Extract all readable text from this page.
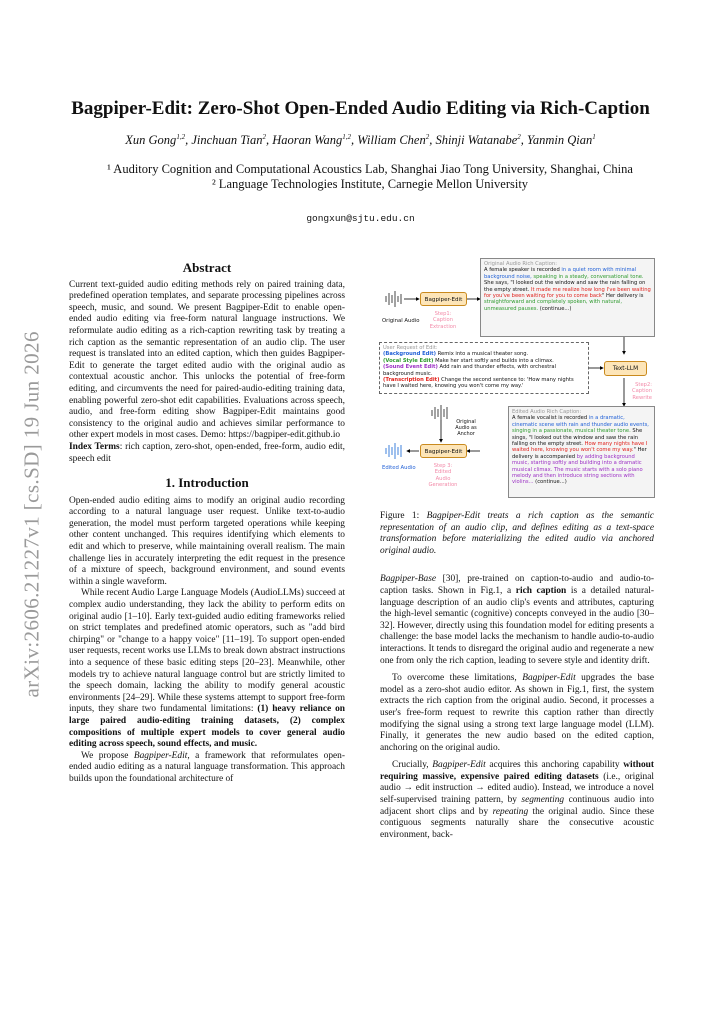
arXiv:2606.21227v1 [cs.SD] 19 Jun 2026
Bagpiper-Edit: Zero-Shot Open-Ended Audio Editing via Rich-Caption
Xun Gong$^{1,2}$, Jinchuan Tian$^2$, Haoran Wang$^{1,2}$, William Chen$^2$, Shinji Watanabe$^2$, Yanmin Qian$^1$
¹ Auditory Cognition and Computational Acoustics Lab, Shanghai Jiao Tong University, Shanghai, China
² Language Technologies Institute, Carnegie Mellon University
gongxun@sjtu.edu.cn

Abstract

Current text-guided audio editing methods rely on paired training data, predefined operation templates, and separate processing pipelines across speech, music, and sound. We present Bagpiper-Edit to enable open-ended audio editing via free-form natural language instructions. We reformulate audio editing as a rich-caption rewriting task by treating a rich caption as the semantic representation of an audio clip. The user request is translated into an edited caption, which then guides Bagpiper-Edit to generate the target edited audio with the original audio as contextual acoustic anchor. This unlocks the potential of free-form editing, and circumvents the need for paired-audio-editing training data, enabling powerful zero-shot edit capabilities. Evaluations across speech, audio, and free-form editing show Bagpiper-Edit maintains good consistency to the original audio and achieves similar performance to other expert models in most cases. Demo: https://bagpiper-edit.github.io

Index Terms: rich caption, zero-shot, open-ended, free-form, audio edit, speech edit

1. Introduction

Open-ended audio editing aims to modify an original audio recording according to a natural language user request. Unlike text-to-audio generation, the model must perform targeted operations while keeping other content unchanged. This requires identifying which elements to edit and which to preserve, while maintaining overall realism. The main challenge lies in accurately interpreting the edit request in the presence of a mixture of speech, background environment, and sound events within a single waveform.

While recent Audio Large Language Models (AudioLLMs) succeed at complex audio understanding, they lack the ability to perform edits on original audio [1–10]. Early text-guided audio editing frameworks relied on strict templates and predefined atomic operators, such as "add bird chirping" or "change to a happy voice" [11–19]. To support open-ended user requests, recent works use LLMs to break down abstract instructions into a sequence of these basic editing steps [20–23]. Meanwhile, other models try to achieve natural language control but are strictly limited to the speech domain, lacking the ability to modify general acoustic environments [24–29]. While these systems attempt to support free-form inputs, they share two fundamental limitations: (1) heavy reliance on large paired audio-editing training datasets, (2) complex compositions of multiple expert models to cover general audio editing across speech, sound effects, and music.

We propose Bagpiper-Edit, a framework that reformulates open-ended audio editing as a natural language transformation. This approach builds upon the foundational architecture of

Bagpiper-Edit
Original Audio
Step1: Caption Extraction
Original Audio Rich Caption:
A female speaker is recorded in a quiet room with minimal background noise, speaking in a steady, conversational tone. She says, "I looked out the window and saw the rain falling on the empty street. It made me realize how long I've been waiting for you've been waiting for you to come back" Her delivery is straightforward and completely spoken, with natural, unmeasured pauses. (continue...)
User Request of Edit:
(Background Edit) Remix into a musical theater song.
(Vocal Style Edit) Make her start softly and builds into a climax.
(Sound Event Edit) Add rain and thunder effects, with orchestral background music.
(Transcription Edit) Change the second sentence to: 'How many nights have I waited here, knowing you won't come my way.'
Text-LLM
Step2: Caption Rewrite
Original Audio as Anchor
Edited Audio Rich Caption:
A female vocalist is recorded in a dramatic, cinematic scene with rain and thunder audio events, singing in a passionate, musical theater tone. She sings, "I looked out the window and saw the rain falling on the empty street. How many nights have I waited here, knowing you won't come my way." Her delivery is accompanied by adding background music, starting softly and building into a dramatic musical climax. The music starts with a solo piano melody and then introduce string sections with violins... (continue...)
Bagpiper-Edit
Edited Audio	Step 3: Edited Audio Generation

Figure 1: Bagpiper-Edit treats a rich caption as the semantic representation of an audio clip, and defines editing as a text-space transformation before materializing the edited audio via anchored original audio.

Bagpiper-Base [30], pre-trained on caption-to-audio and audio-to-caption tasks. Shown in Fig.1, a rich caption is a detailed natural-language description of an audio clip's events and attributes, capturing the high-level semantic (cognitive) concepts conveyed in the audio [30–32]. However, directly using this foundation model for editing presents a challenge: the base model lacks the mechanism to handle audio-to-audio interactions. It tends to disregard the original audio and regenerate a new one from only the rich caption, leading to severe style and identity drift.

To overcome these limitations, Bagpiper-Edit upgrades the base model as a zero-shot audio editor. As shown in Fig.1, first, the system extracts the rich caption from the original audio. Second, it processes a user's free-form request to rewrite this caption rather than directly modifying the signal using a strong text large language model (LLM). Finally, it generates the new audio based on the edited caption, anchoring on the original audio.

Crucially, Bagpiper-Edit acquires this anchoring capability without requiring massive, expensive paired editing datasets (i.e., original audio → edit instruction → edited audio). Instead, we introduce a novel self-supervised training pattern, by segmenting continuous audio into adjacent short clips and by repeating the original audio. Since these contiguous segments naturally share the consecutive acoustic environment, back-
